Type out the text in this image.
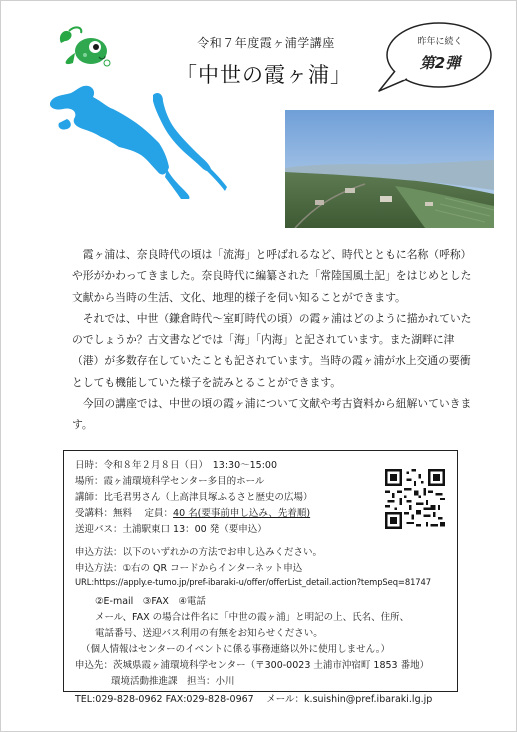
令和７年度霞ヶ浦学講座
「中世の霞ヶ浦」
昨年に続く
第2弾

霞ヶ浦は、奈良時代の頃は「流海」と呼ばれるなど、時代とともに名称（呼称）や形がかわってきました。奈良時代に編纂された「常陸国風土記」をはじめとした文献から当時の生活、文化、地理的様子を伺い知ることができます。

それでは、中世（鎌倉時代～室町時代の頃）の霞ヶ浦はどのように描かれていたのでしょうか？古文書などでは「海」「内海」と記されています。また湖畔に津（港）が多数存在していたことも記されています。当時の霞ヶ浦が水上交通の要衝としても機能していた様子を読みとることができます。

今回の講座では、中世の頃の霞ヶ浦について文献や考古資料から紐解いていきます。

日時：令和８年２月８日（日）　13:30～15:00
場所：霞ヶ浦環境科学センター多目的ホール
講師：比毛君男さん（上高津貝塚ふるさと歴史の広場）
受講料：無料　 定員：40 名(要事前申し込み、先着順)
送迎バス：土浦駅東口 13：00 発（要申込）
申込方法：以下のいずれかの方法でお申し込みください。
申込方法：①右の QR コードからインターネット申込
URL:https://apply.e-tumo.jp/pref-ibaraki-u/offer/offerList_detail.action?tempSeq=81747
②E-mail　③FAX　④電話
メール、FAX の場合は件名に「中世の霞ヶ浦」と明記の上、氏名、住所、
電話番号、送迎バス利用の有無をお知らせください。
（個人情報はセンターのイベントに係る事務連絡以外に使用しません。）
申込先：茨城県霞ヶ浦環境科学センター（〒300-0023 土浦市沖宿町 1853 番地）
環境活動推進課　担当：小川
TEL:029-828-0962 FAX:029-828-0967　 メール：k.suishin@pref.ibaraki.lg.jp
